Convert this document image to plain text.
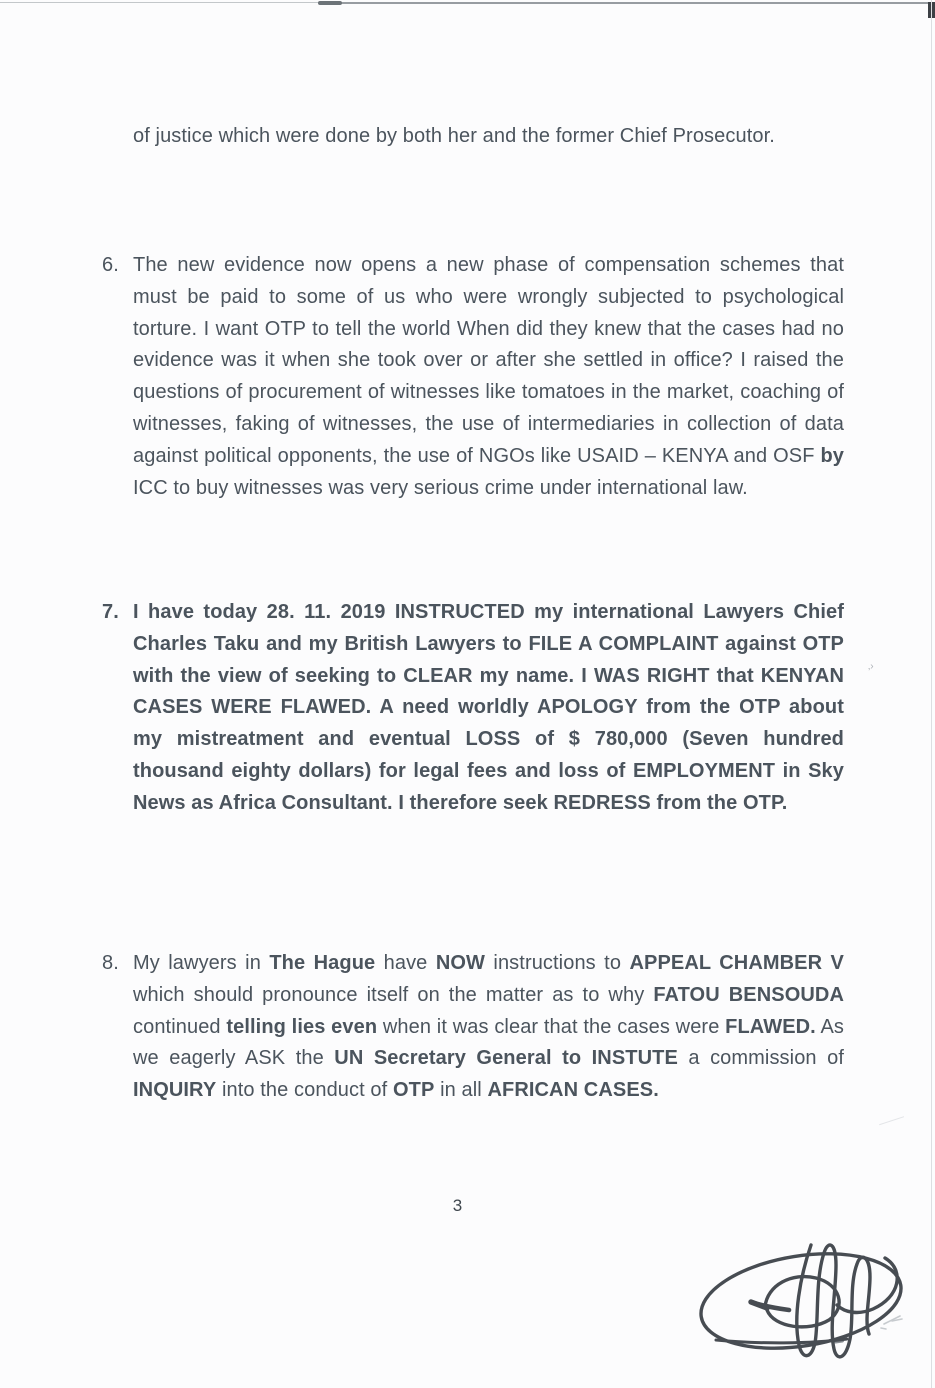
‚›
of justice which were done by both her and the former Chief Prosecutor.
6. The new evidence now opens a new phase of compensation schemes that must be paid to some of us who were wrongly subjected to psychological torture. I want OTP to tell the world When did they knew that the cases had no evidence was it when she took over or after she settled in office? I raised the questions of procurement of witnesses like tomatoes in the market, coaching of witnesses, faking of witnesses, the use of intermediaries in collection of data against political opponents, the use of NGOs like USAID – KENYA and OSF by ICC to buy witnesses was very serious crime under international law.
7. I have today 28. 11. 2019 INSTRUCTED my international Lawyers Chief Charles Taku and my British Lawyers to FILE A COMPLAINT against OTP with the view of seeking to CLEAR my name. I WAS RIGHT that KENYAN CASES WERE FLAWED. A need worldly APOLOGY from the OTP about my mistreatment and eventual LOSS of $ 780,000 (Seven hundred thousand eighty dollars) for legal fees and loss of EMPLOYMENT in Sky News as Africa Consultant. I therefore seek REDRESS from the OTP.
8. My lawyers in The Hague have NOW instructions to APPEAL CHAMBER V which should pronounce itself on the matter as to why FATOU BENSOUDA continued telling lies even when it was clear that the cases were FLAWED. As we eagerly ASK the UN Secretary General to INSTUTE a commission of INQUIRY into the conduct of OTP in all AFRICAN CASES.
3
